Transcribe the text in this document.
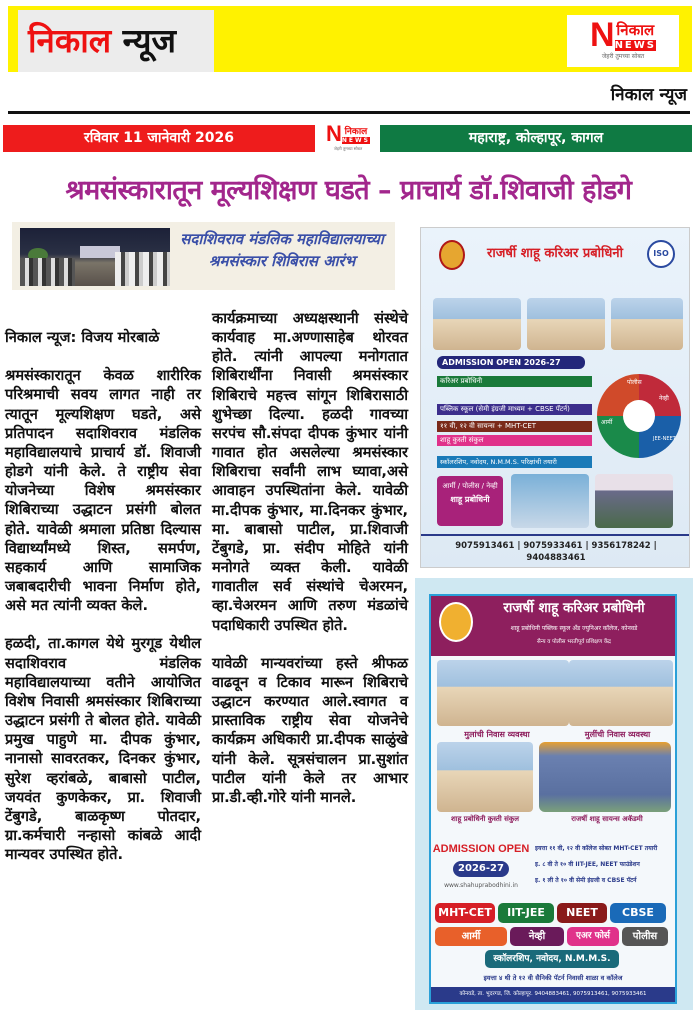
निकाल न्यूज	N निकाल
NEWS
जेहरी तुमच्या सोबत
निकाल न्यूज
रविवार 11 जानेवारी 2026	N निकाल
NEWS
जेहरी तुमच्या सोबत
महाराष्ट्र, कोल्हापूर, कागल
श्रमसंस्कारातून मूल्यशिक्षण घडते – प्राचार्य डॉ.शिवाजी होडगे
सदाशिवराव मंडलिक महाविद्यालयाच्या श्रमसंस्कार शिबिरास आरंभ

निकाल न्यूज: विजय मोरबाळे

श्रमसंस्कारातून केवळ शारीरिक परिश्रमाची सवय लागत नाही तर त्यातून मूल्यशिक्षण घडते, असे प्रतिपादन सदाशिवराव मंडलिक महाविद्यालयाचे प्राचार्य डॉ. शिवाजी होडगे यांनी केले. ते राष्ट्रीय सेवा योजनेच्या विशेष श्रमसंस्कार शिबिराच्या उद्धाटन प्रसंगी बोलत होते. यावेळी श्रमाला प्रतिष्ठा दिल्यास विद्यार्थ्यांमध्ये शिस्त, समर्पण, सहकार्य आणि सामाजिक जबाबदारीची भावना निर्माण होते, असे मत त्यांनी व्यक्त केले.

हळदी, ता.कागल येथे मुरगूड येथील सदाशिवराव मंडलिक महाविद्यालयाच्या वतीने आयोजित विशेष निवासी श्रमसंस्कार शिबिराच्या उद्धाटन प्रसंगी ते बोलत होते. यावेळी प्रमुख पाहुणे मा. दीपक कुंभार, नानासो सावरतकर, दिनकर कुंभार, सुरेश व्हरांबळे, बाबासो पाटील, जयवंत कुणकेकर, प्रा. शिवाजी टेंबुगडे, बाळकृष्ण पोतदार, ग्रा.कर्मचारी नन्हासो कांबळे आदी मान्यवर उपस्थित होते.

कार्यक्रमाच्या अध्यक्षस्थानी संस्थेचे कार्यवाह मा.अण्णासाहेब थोरवत होते. त्यांनी आपल्या मनोगतात शिबिरार्थींना निवासी श्रमसंस्कार शिबिराचे महत्त्व सांगून शिबिरासाठी शुभेच्छा दिल्या. हळदी गावच्या सरपंच सौ.संपदा दीपक कुंभार यांनी गावात होत असलेल्या श्रमसंस्कार शिबिराचा सर्वांनी लाभ घ्यावा,असे आवाहन उपस्थितांना केले. यावेळी मा.दीपक कुंभार, मा.दिनकर कुंभार, मा. बाबासो पाटील, प्रा.शिवाजी टेंबुगडे, प्रा. संदीप मोहिते यांनी मनोगते व्यक्त केली. यावेळी गावातील सर्व संस्थांचे चेअरमन, व्हा.चेअरमन आणि तरुण मंडळांचे पदाधिकारी उपस्थित होते.

यावेळी मान्यवरांच्या हस्ते श्रीफळ वाढवून व टिकाव मारून शिबिराचे उद्धाटन करण्यात आले.स्वागत व प्रास्ताविक राष्ट्रीय सेवा योजनेचे कार्यक्रम अधिकारी प्रा.दीपक साळुंखे यांनी केले. सूत्रसंचालन प्रा.सुशांत पाटील यांनी केले तर आभार प्रा.डी.व्ही.गोरे यांनी मानले.

राजर्षी शाहू करिअर प्रबोधिनी	ISO
ADMISSION OPEN 2026-27
करिअर प्रबोधिनी
पब्लिक स्कूल (सेमी इंग्रजी माध्यम + CBSE पॅटर्न)
११ वी, १२ वी सायन्स + MHT-CET
शाहू कुस्ती संकुल
स्कॉलरशिप, नवोदय, N.M.M.S. परिक्षांची तयारी
पोलीस
नेव्ही
आर्मी
JEE-NEET
आर्मी / पोलीस / नेव्ही
शाहू प्रबोधिनी
9075913461 | 9075933461 | 9356178242 | 9404883461
राजर्षी शाहू करिअर प्रबोधिनी
शाहू प्रबोधिनी पब्लिक स्कूल ॲंड ज्युनिअर कॉलेज, कोनवडे
सैन्य व पोलीस भरतीपूर्व प्रशिक्षण केंद्र
मुलांची निवास व्यवस्था	मुलींची निवास व्यवस्था
शाहू प्रबोधिनी कुस्ती संकुल	राजर्षी शाहू सायन्स अकॅडमी
ADMISSION OPEN
2026-27
www.shahuprabodhini.in
इयत्ता ११ वी, १२ वी कॉलेज सोबत MHT-CET तयारी
इ. ८ वी ते १० वी IIT-JEE, NEET फाउंडेशन
इ. १ ली ते १० वी सेमी इंग्रजी व CBSE पॅटर्न
MHT-CET	IIT-JEE	NEET	CBSE
आर्मी	नेव्ही	एअर फोर्स	पोलीस
स्कॉलरशिप, नवोदय, N.M.M.S.
इयत्ता ४ थी ते १२ वी सैनिकी पॅटर्न निवासी शाळा व कॉलेज
कोनवडे, ता. भुदरगड, जि. कोल्हापूर. 9404883461, 9075913461, 9075933461
